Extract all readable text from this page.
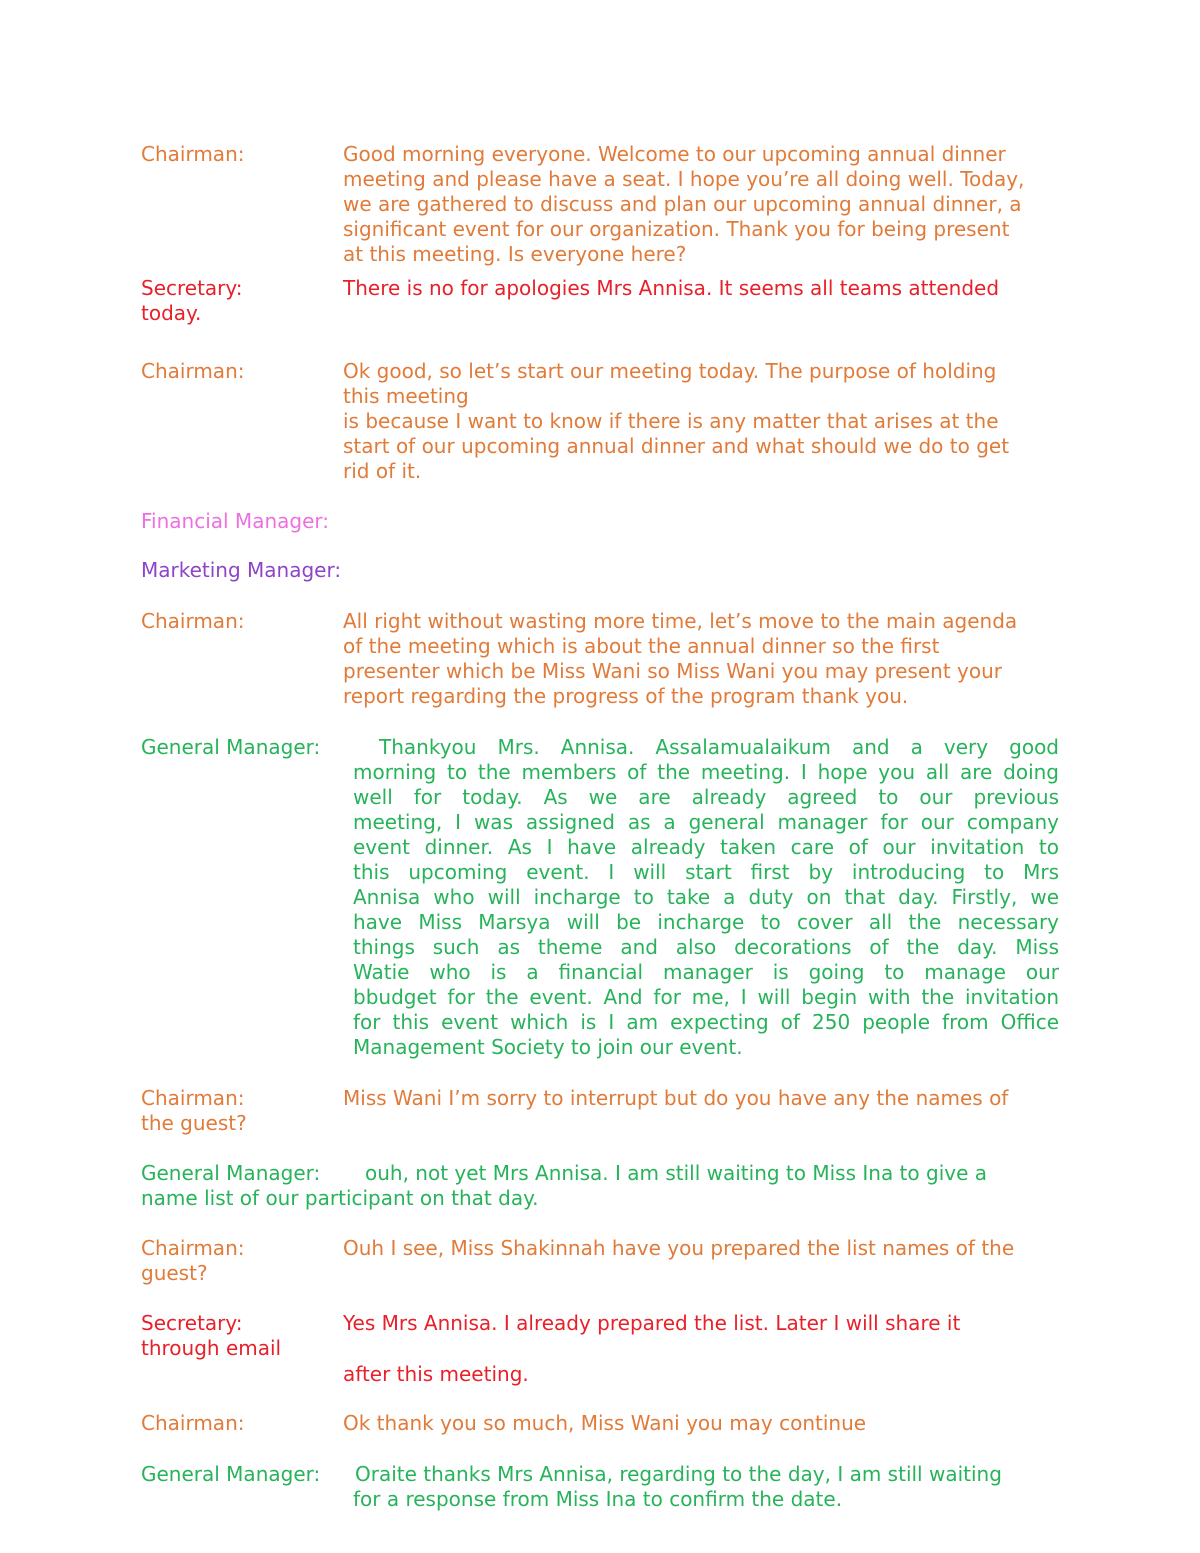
Chairman:	Good morning everyone. Welcome to our upcoming annual dinner
meeting and please have a seat. I hope you’re all doing well. Today,
we are gathered to discuss and plan our upcoming annual dinner, a
significant event for our organization. Thank you for being present
at this meeting. Is everyone here?
Secretary:	There is no for apologies Mrs Annisa. It seems all teams attended
today.
Chairman:	Ok good, so let’s start our meeting today. The purpose of holding
this meeting
is because I want to know if there is any matter that arises at the
start of our upcoming annual dinner and what should we do to get
rid of it.
Financial Manager:
Marketing Manager:
Chairman:	All right without wasting more time, let’s move to the main agenda
of the meeting which is about the annual dinner so the first
presenter which be Miss Wani so Miss Wani you may present your
report regarding the progress of the program thank you.
General Manager:	Thankyou Mrs. Annisa. Assalamualaikum and a very good
morning to the members of the meeting. I hope you all are doing
well for today. As we are already agreed to our previous
meeting, I was assigned as a general manager for our company
event dinner. As I have already taken care of our invitation to
this upcoming event. I will start first by introducing to Mrs
Annisa who will incharge to take a duty on that day. Firstly, we
have Miss Marsya will be incharge to cover all the necessary
things such as theme and also decorations of the day. Miss
Watie who is a financial manager is going to manage our
bbudget for the event. And for me, I will begin with the invitation
for this event which is I am expecting of 250 people from Office
Management Society to join our event.
Chairman:	Miss Wani I’m sorry to interrupt but do you have any the names of
the guest?
General Manager: ouh, not yet Mrs Annisa. I am still waiting to Miss Ina to give a
name list of our participant on that day.
Chairman:	Ouh I see, Miss Shakinnah have you prepared the list names of the
guest?
Secretary:	Yes Mrs Annisa. I already prepared the list. Later I will share it
through email
after this meeting.
Chairman:	Ok thank you so much, Miss Wani you may continue
General Manager: Oraite thanks Mrs Annisa, regarding to the day, I am still waiting
for a response from Miss Ina to confirm the date.
